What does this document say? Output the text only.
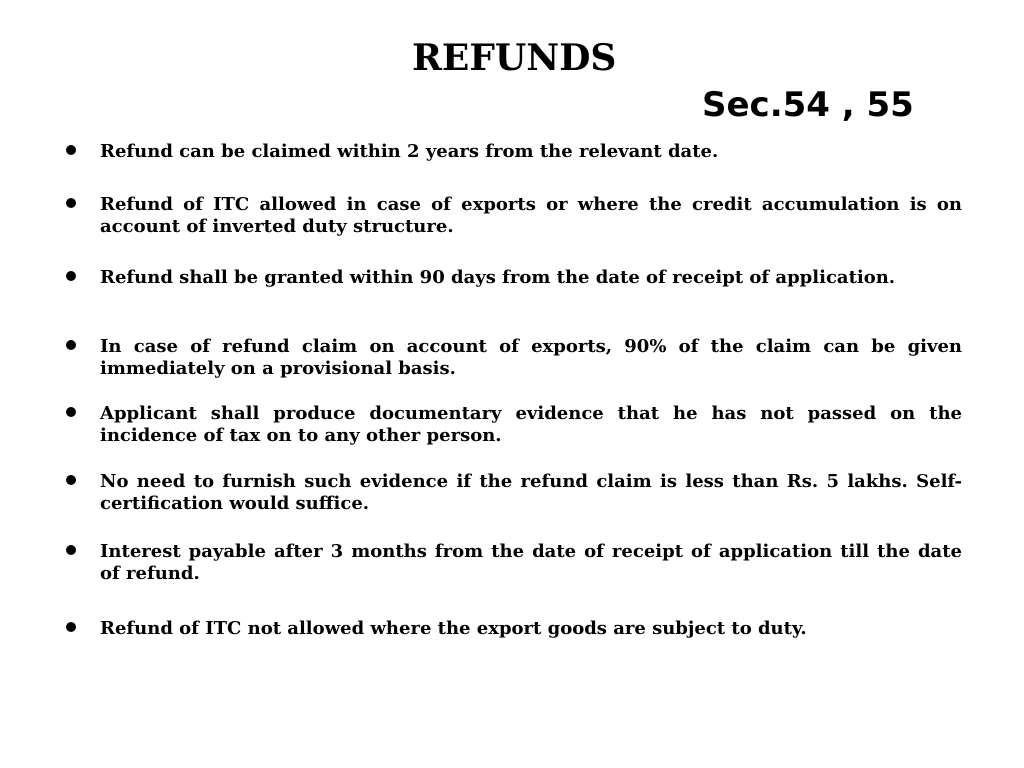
REFUNDS
Sec.54 , 55
Refund can be claimed within 2 years from the relevant date.
Refund of ITC allowed in case of exports or where the credit accumulation is on account of inverted duty structure.
Refund shall be granted within 90 days from the date of receipt of application.
In case of refund claim on account of exports, 90% of the claim can be given immediately on a provisional basis.
Applicant shall produce documentary evidence that he has not passed on the incidence of tax on to any other person.
No need to furnish such evidence if the refund claim is less than Rs. 5 lakhs. Self-certification would suffice.
Interest payable after 3 months from the date of receipt of application till the date of refund.
Refund of ITC not allowed where the export goods are subject to duty.
